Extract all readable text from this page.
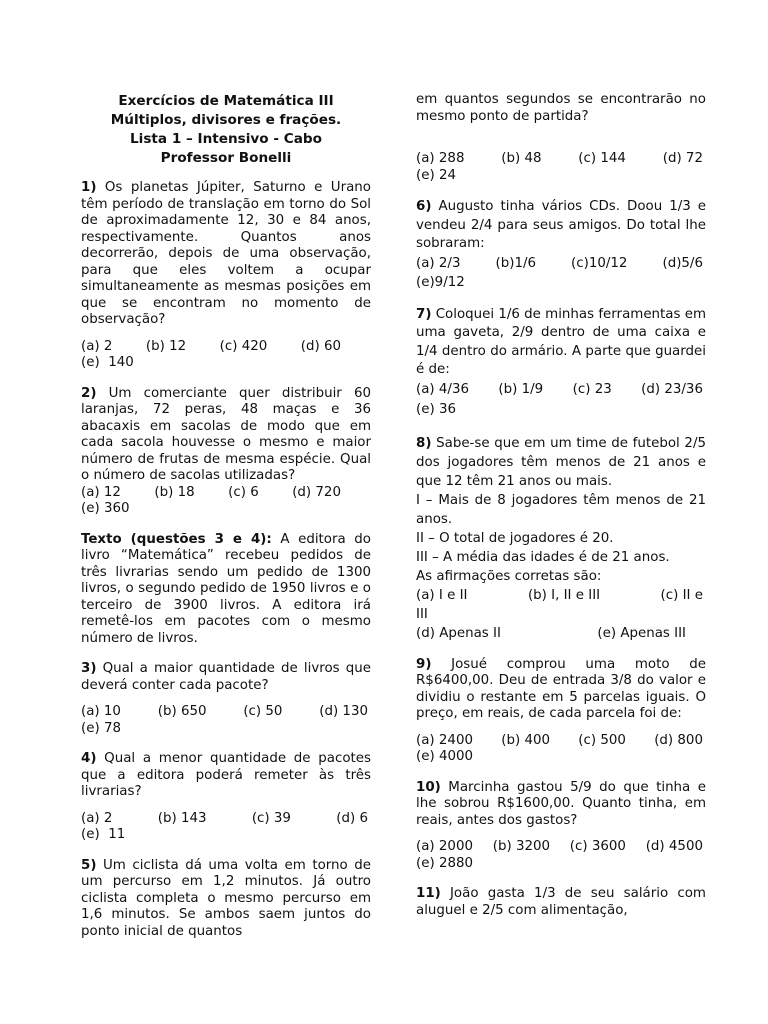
Exercícios de Matemática III
Múltiplos, divisores e frações.
Lista 1 – Intensivo - Cabo
Professor Bonelli

1) Os planetas Júpiter, Saturno e Urano têm período de translação em torno do Sol de aproximadamente 12, 30 e 84 anos, respectivamente. Quantos anos decorrerão, depois de uma observação, para que eles voltem a ocupar simultaneamente as mesmas posições em que se encontram no momento de observação?

(a) 2 (b) 12 (c) 420 (d) 60
(e)  140

2) Um comerciante quer distribuir 60 laranjas, 72 peras, 48 maças e 36 abacaxis em sacolas de modo que em cada sacola houvesse o mesmo e maior número de frutas de mesma espécie. Qual o número de sacolas utilizadas?

(a) 12 (b) 18 (c) 6 (d) 720
(e) 360

Texto (questões 3 e 4): A editora do livro “Matemática” recebeu pedidos de três livrarias sendo um pedido de 1300 livros, o segundo pedido de 1950 livros e o terceiro de 3900 livros. A editora irá remetê-los em pacotes com o mesmo número de livros.

3) Qual a maior quantidade de livros que deverá conter cada pacote?

(a) 10	(b) 650	(c) 50	(d) 130
(e) 78

4) Qual a menor quantidade de pacotes que a editora poderá remeter às três livrarias?

(a) 2	(b) 143	(c) 39	(d) 6
(e)  11

5) Um ciclista dá uma volta em torno de um percurso em 1,2 minutos. Já outro ciclista completa o mesmo percurso em 1,6 minutos. Se ambos saem juntos do ponto inicial de quantos

em quantos segundos se encontrarão no mesmo ponto de partida?

(a) 288	(b) 48	(c) 144	(d) 72
(e) 24

6) Augusto tinha vários CDs. Doou 1/3 e vendeu 2/4 para seus amigos. Do total lhe sobraram:

(a) 2/3	(b)1/6	(c)10/12	(d)5/6
(e)9/12

7) Coloquei 1/6 de minhas ferramentas em uma gaveta, 2/9 dentro de uma caixa e 1/4 dentro do armário. A parte que guardei é de:

(a) 4/36 (b) 1/9 (c) 23 (d) 23/36
(e) 36

8) Sabe-se que em um time de futebol 2/5 dos jogadores têm menos de 21 anos e que 12 têm 21 anos ou mais.

I – Mais de 8 jogadores têm menos de 21 anos.

II – O total de jogadores é 20.

III – A média das idades é de 21 anos.

As afirmações corretas são:

(a) I e II	(b) I, II e III	(c) II e
III
(d) Apenas II	(e) Apenas III

9) Josué comprou uma moto de R$6400,00. Deu de entrada 3/8 do valor e dividiu o restante em 5 parcelas iguais. O preço, em reais, de cada parcela foi de:

(a) 2400 (b) 400 (c) 500 (d) 800
(e) 4000

10) Marcinha gastou 5/9 do que tinha e lhe sobrou R$1600,00. Quanto tinha, em reais, antes dos gastos?

(a) 2000 (b) 3200 (c) 3600 (d) 4500
(e) 2880

11) João gasta 1/3 de seu salário com aluguel e 2/5 com alimentação,
